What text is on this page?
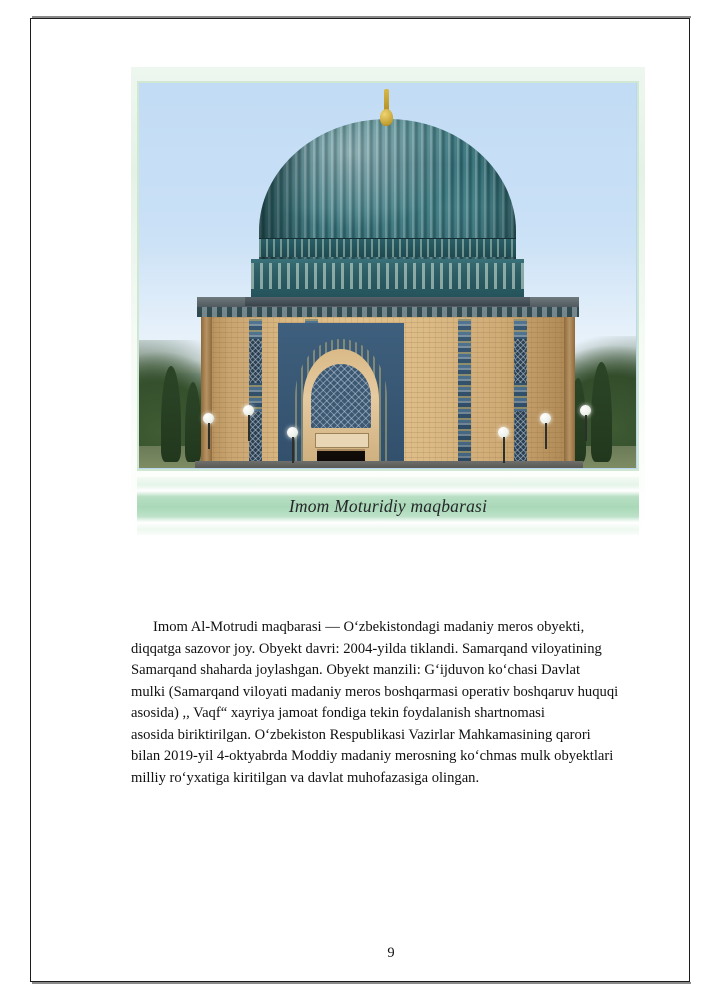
Imom Moturidiy maqbarasi
Imom Al-Motrudi maqbarasi — O‘zbekistondagi madaniy meros obyekti,
diqqatga sazovor joy. Obyekt davri: 2004-yilda tiklandi. Samarqand viloyatining
Samarqand shaharda joylashgan. Obyekt manzili: G‘ijduvon ko‘chasi Davlat
mulki (Samarqand viloyati madaniy meros boshqarmasi operativ boshqaruv huquqi
asosida) ,, Vaqf“ xayriya jamoat fondiga tekin foydalanish shartnomasi
asosida biriktirilgan. O‘zbekiston Respublikasi Vazirlar Mahkamasining qarori
bilan 2019-yil 4-oktyabrda Moddiy madaniy merosning ko‘chmas mulk obyektlari
milliy ro‘yxatiga kiritilgan va davlat muhofazasiga olingan.
9
